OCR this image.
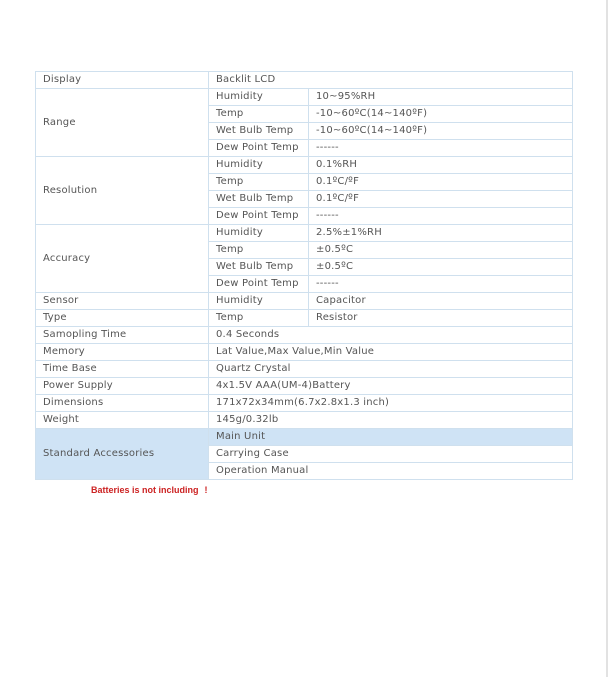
Display	Backlit LCD	
Range	Humidity	10~95%RH
	Temp	-10~60ºC(14~140ºF)
	Wet Bulb Temp	-10~60ºC(14~140ºF)
	Dew Point Temp	------
Resolution	Humidity	0.1%RH
	Temp	0.1ºC/ºF
	Wet Bulb Temp	0.1ºC/ºF
	Dew Point Temp	------
Accuracy	Humidity	2.5%±1%RH
	Temp	±0.5ºC
	Wet Bulb Temp	±0.5ºC
	Dew Point Temp	------
Sensor	Humidity	Capacitor
Type	Temp	Resistor
Samopling Time	0.4 Seconds	
Memory	Lat Value,Max Value,Min Value	
Time Base	Quartz Crystal	
Power Supply	4x1.5V AAA(UM-4)Battery	
Dimensions	171x72x34mm(6.7x2.8x1.3 inch)	
Weight	145g/0.32lb	
Standard Accessories	Main Unit	
	Carrying Case	
	Operation Manual	
Batteries is not including !
